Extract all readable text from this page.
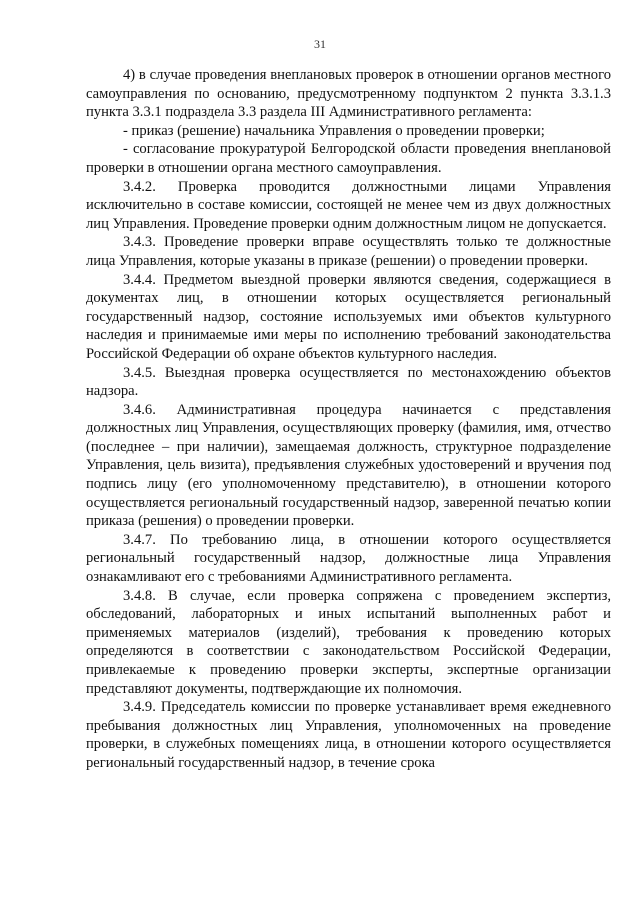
31

4) в случае проведения внеплановых проверок в отношении органов местного самоуправления по основанию, предусмотренному подпунктом 2 пункта 3.3.1.3 пункта 3.3.1 подраздела 3.3 раздела III Административного регламента:

- приказ (решение) начальника Управления о проведении проверки;

- согласование прокуратурой Белгородской области проведения внеплановой проверки в отношении органа местного самоуправления.

3.4.2. Проверка проводится должностными лицами Управления исключительно в составе комиссии, состоящей не менее чем из двух должностных лиц Управления. Проведение проверки одним должностным лицом не допускается.

3.4.3. Проведение проверки вправе осуществлять только те должностные лица Управления, которые указаны в приказе (решении) о проведении проверки.

3.4.4. Предметом выездной проверки являются сведения, содержащиеся в документах лиц, в отношении которых осуществляется региональный государственный надзор, состояние используемых ими объектов культурного наследия и принимаемые ими меры по исполнению требований законодательства Российской Федерации об охране объектов культурного наследия.

3.4.5. Выездная проверка осуществляется по местонахождению объектов надзора.

3.4.6. Административная процедура начинается с представления должностных лиц Управления, осуществляющих проверку (фамилия, имя, отчество (последнее – при наличии), замещаемая должность, структурное подразделение Управления, цель визита), предъявления служебных удостоверений и вручения под подпись лицу (его уполномоченному представителю), в отношении которого осуществляется региональный государственный надзор, заверенной печатью копии приказа (решения) о проведении проверки.

3.4.7. По требованию лица, в отношении которого осуществляется региональный государственный надзор, должностные лица Управления ознакамливают его с требованиями Административного регламента.

3.4.8. В случае, если проверка сопряжена с проведением экспертиз, обследований, лабораторных и иных испытаний выполненных работ и применяемых материалов (изделий), требования к проведению которых определяются в соответствии с законодательством Российской Федерации, привлекаемые к проведению проверки эксперты, экспертные организации представляют документы, подтверждающие их полномочия.

3.4.9. Председатель комиссии по проверке устанавливает время ежедневного пребывания должностных лиц Управления, уполномоченных на проведение проверки, в служебных помещениях лица, в отношении которого осуществляется региональный государственный надзор, в течение срока
